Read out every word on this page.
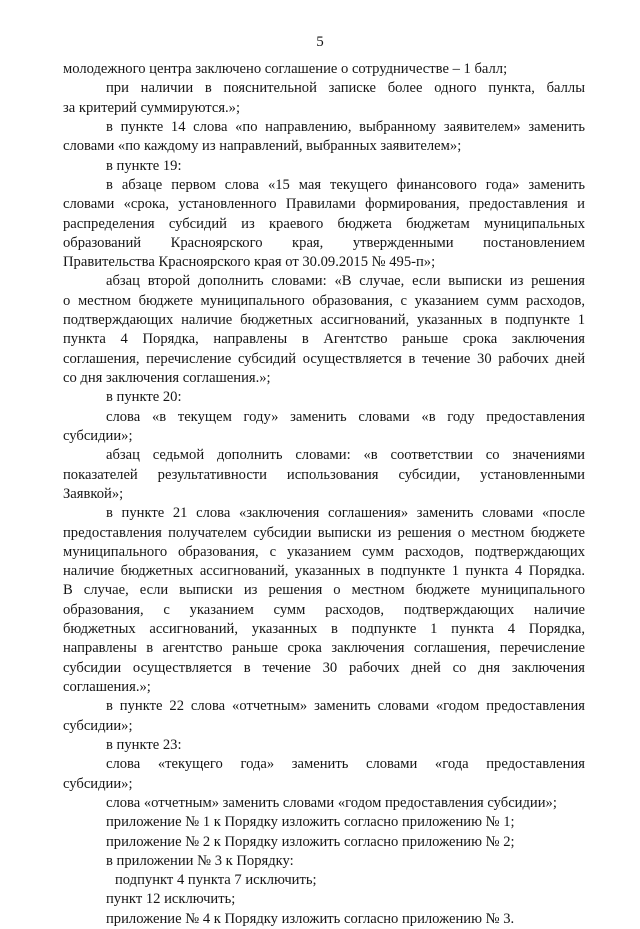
5
молодежного центра заключено соглашение о сотрудничестве – 1 балл;
при наличии в пояснительной записке более одного пункта, баллы
за критерий суммируются.»;
в пункте 14 слова «по направлению, выбранному заявителем» заменить
словами «по каждому из направлений, выбранных заявителем»;
в пункте 19:
в абзаце первом слова «15 мая текущего финансового года» заменить
словами «срока, установленного Правилами формирования, предоставления и
распределения субсидий из краевого бюджета бюджетам муниципальных
образований Красноярского края, утвержденными постановлением
Правительства Красноярского края от 30.09.2015 № 495-п»;
абзац второй дополнить словами: «В случае, если выписки из решения
о местном бюджете муниципального образования, с указанием сумм расходов,
подтверждающих наличие бюджетных ассигнований, указанных в подпункте 1
пункта 4 Порядка, направлены в Агентство раньше срока заключения
соглашения, перечисление субсидий осуществляется в течение 30 рабочих дней
со дня заключения соглашения.»;
в пункте 20:
слова «в текущем году» заменить словами «в году предоставления
субсидии»;
абзац седьмой дополнить словами: «в соответствии со значениями
показателей результативности использования субсидии, установленными
Заявкой»;
в пункте 21 слова «заключения соглашения» заменить словами «после
предоставления получателем субсидии выписки из решения о местном бюджете
муниципального образования, с указанием сумм расходов, подтверждающих
наличие бюджетных ассигнований, указанных в подпункте 1 пункта 4 Порядка.
В случае, если выписки из решения о местном бюджете муниципального
образования, с указанием сумм расходов, подтверждающих наличие
бюджетных ассигнований, указанных в подпункте 1 пункта 4 Порядка,
направлены в агентство раньше срока заключения соглашения, перечисление
субсидии осуществляется в течение 30 рабочих дней со дня заключения
соглашения.»;
в пункте 22 слова «отчетным» заменить словами «годом предоставления
субсидии»;
в пункте 23:
слова «текущего года» заменить словами «года предоставления
субсидии»;
слова «отчетным» заменить словами «годом предоставления субсидии»;
приложение № 1 к Порядку изложить согласно приложению № 1;
приложение № 2 к Порядку изложить согласно приложению № 2;
в приложении № 3 к Порядку:
подпункт 4 пункта 7 исключить;
пункт 12 исключить;
приложение № 4 к Порядку изложить согласно приложению № 3.
